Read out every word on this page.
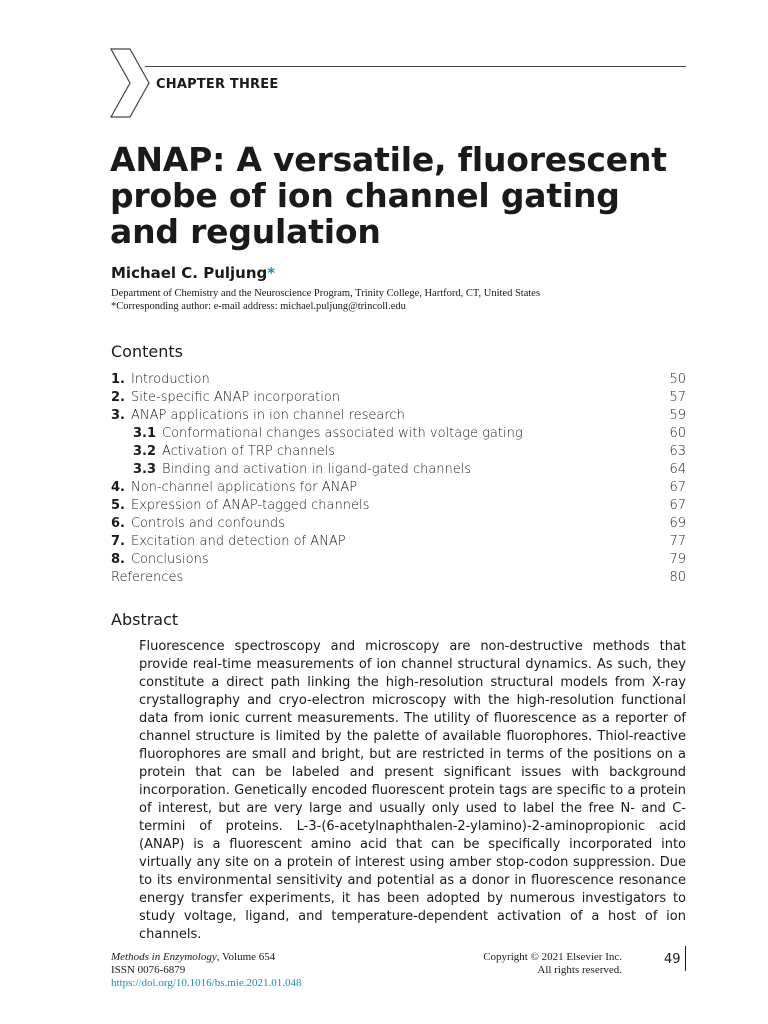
CHAPTER THREE
ANAP: A versatile, fluorescent probe of ion channel gating and regulation
Michael C. Puljung*
Department of Chemistry and the Neuroscience Program, Trinity College, Hartford, CT, United States
*Corresponding author: e-mail address: michael.puljung@trincoll.edu
Contents
1. Introduction	50
2. Site-specific ANAP incorporation	57
3. ANAP applications in ion channel research	59
3.1 Conformational changes associated with voltage gating	60
3.2 Activation of TRP channels	63
3.3 Binding and activation in ligand-gated channels	64
4. Non-channel applications for ANAP	67
5. Expression of ANAP-tagged channels	67
6. Controls and confounds	69
7. Excitation and detection of ANAP	77
8. Conclusions	79
References	80
Abstract

Fluorescence spectroscopy and microscopy are non-destructive methods that provide real-time measurements of ion channel structural dynamics. As such, they constitute a direct path linking the high-resolution structural models from X-ray crystallography and cryo-electron microscopy with the high-resolution functional data from ionic current measurements. The utility of fluorescence as a reporter of channel structure is limited by the palette of available fluorophores. Thiol-reactive fluorophores are small and bright, but are restricted in terms of the positions on a protein that can be labeled and present significant issues with background incorporation. Genetically encoded fluorescent protein tags are specific to a protein of interest, but are very large and usually only used to label the free N- and C-termini of proteins. L-3-(6-acetylnaphthalen-2-ylamino)-2-aminopropionic acid (ANAP) is a fluorescent amino acid that can be specifically incorporated into virtually any site on a protein of interest using amber stop-codon suppression. Due to its environmental sensitivity and potential as a donor in fluorescence resonance energy transfer experiments, it has been adopted by numerous investigators to study voltage, ligand, and temperature-dependent activation of a host of ion channels.

Methods in Enzymology, Volume 654
ISSN 0076-6879
https://doi.org/10.1016/bs.mie.2021.01.048
Copyright © 2021 Elsevier Inc.
All rights reserved.
49
